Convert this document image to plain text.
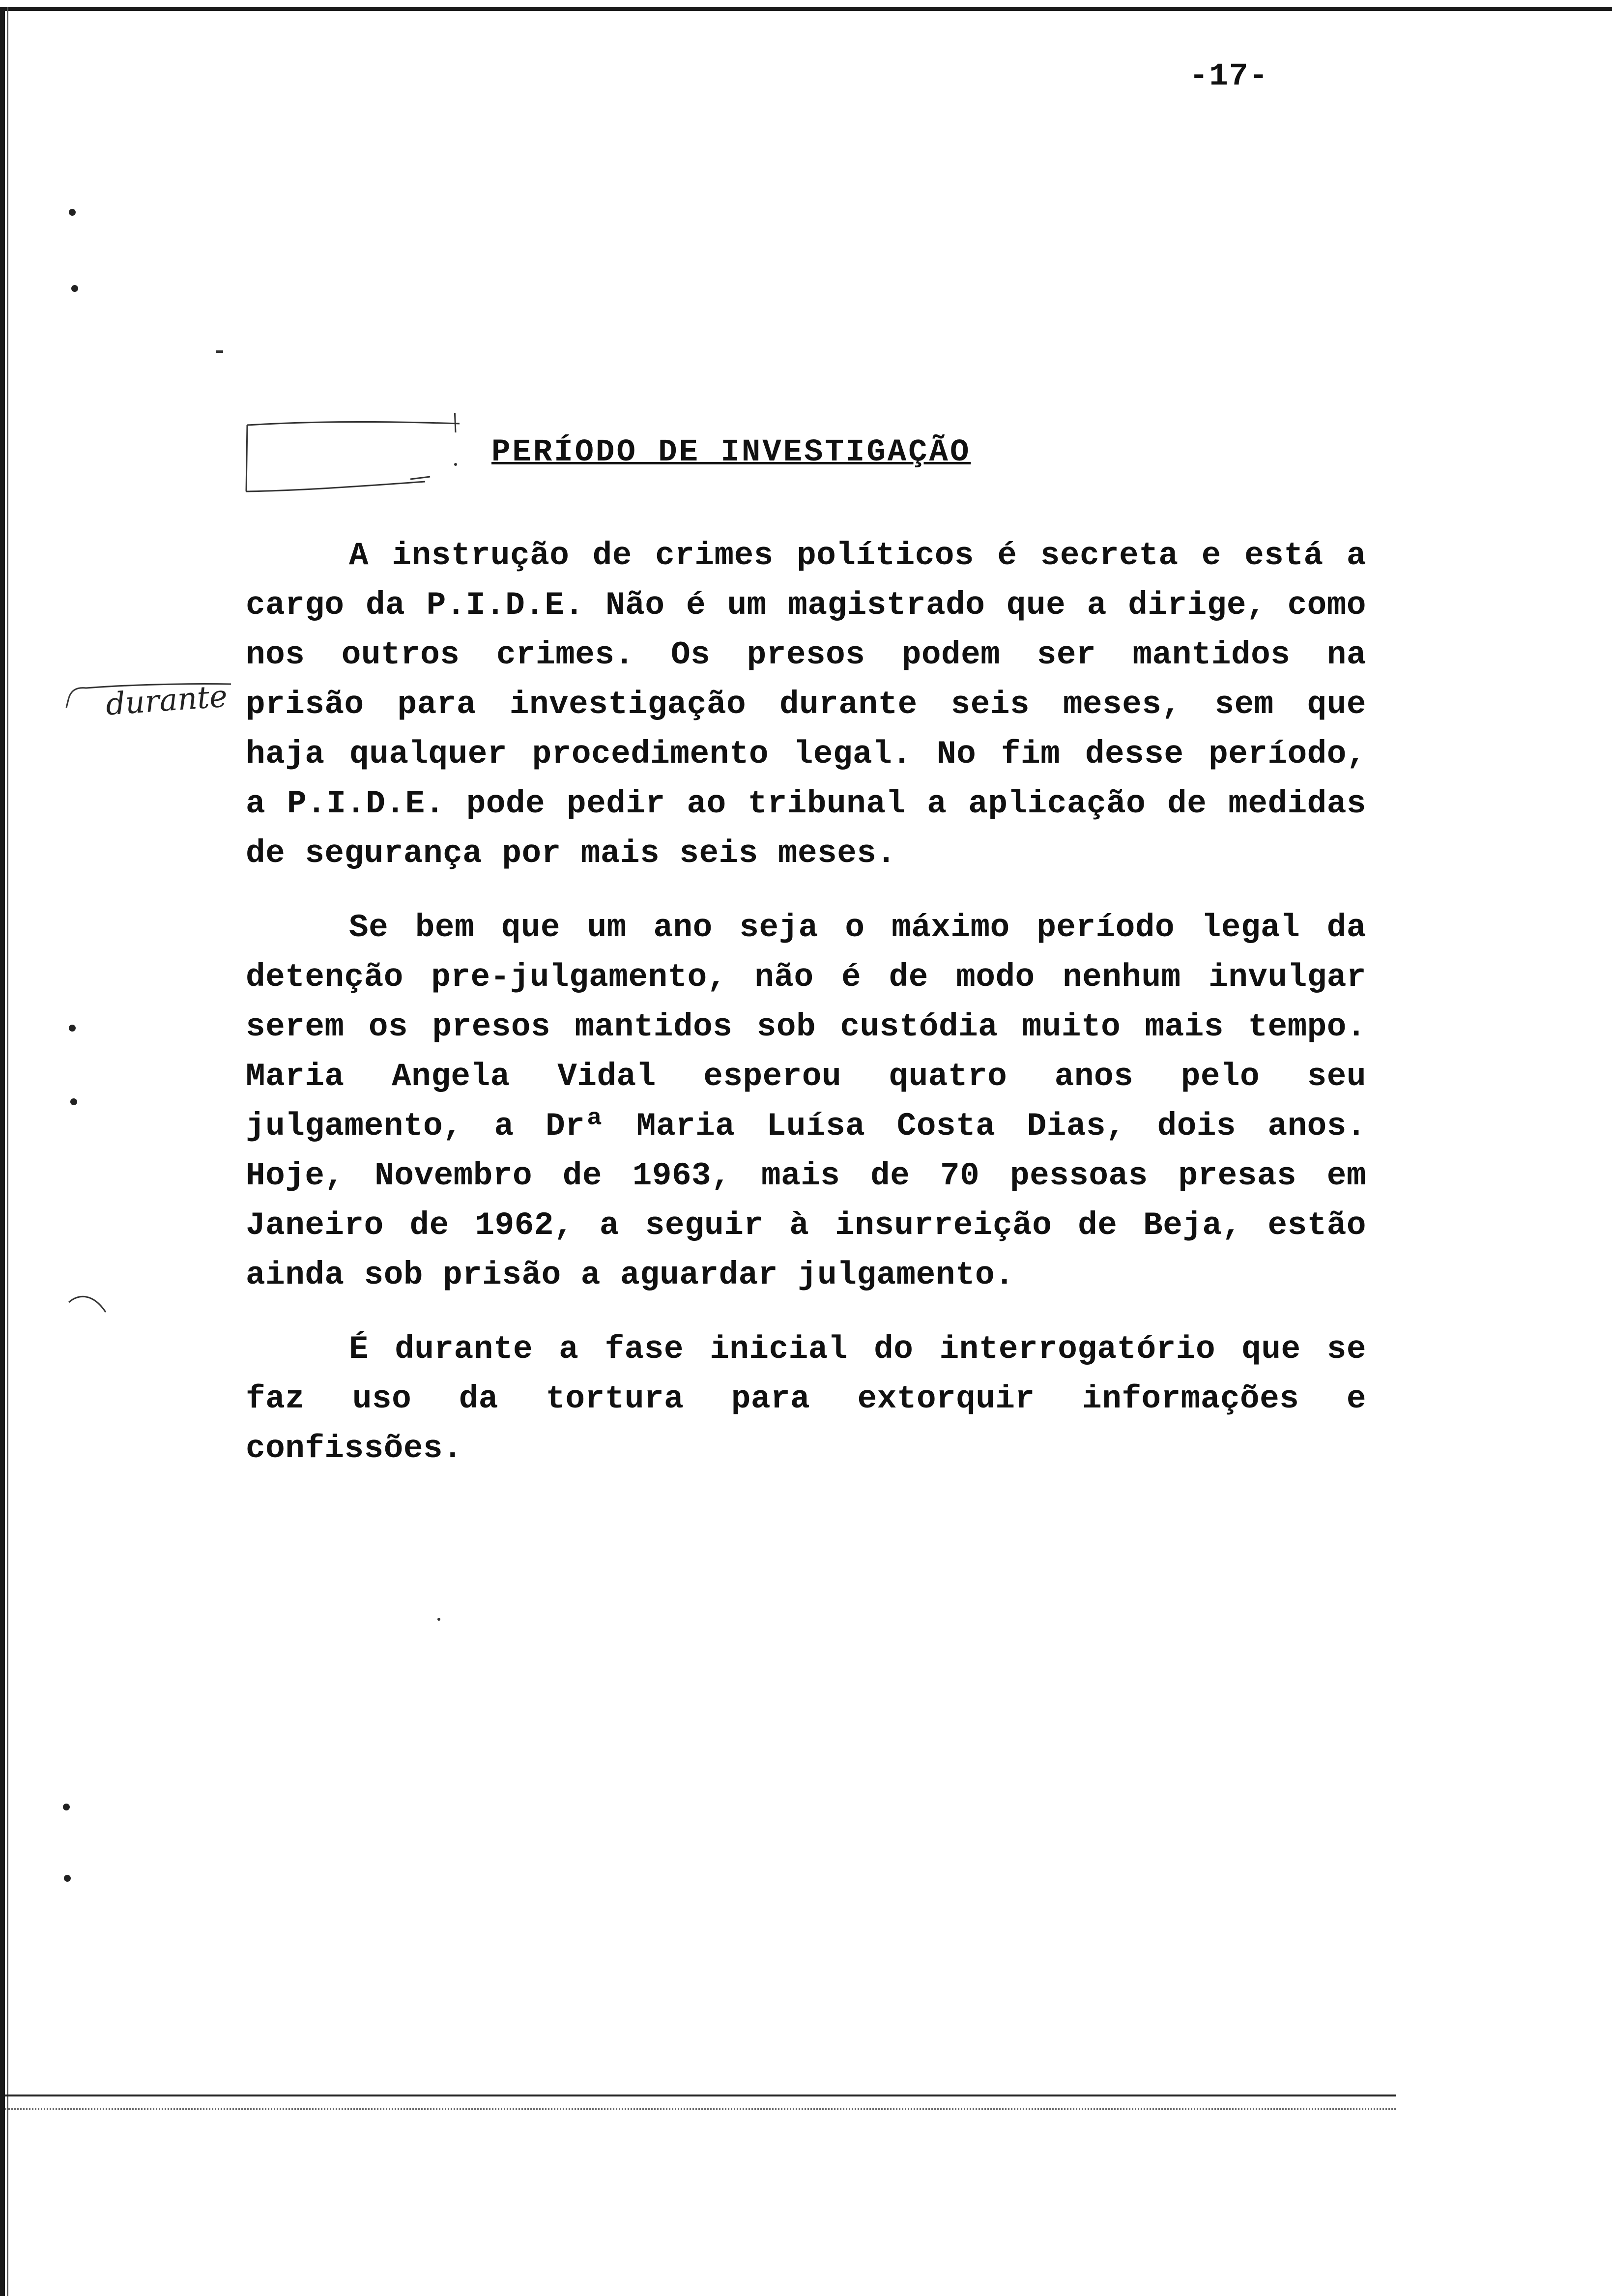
-17-
PERÍODO DE INVESTIGAÇÃO
durante

A instrução de crimes políticos é secreta e está a cargo da P.I.D.E. Não é um magistrado que a dirige, como nos outros crimes. Os presos podem ser mantidos na prisão para investigação durante seis meses, sem que haja qualquer procedimento legal. No fim desse período, a P.I.D.E. pode pedir ao tribunal a aplicação de medidas de segurança por mais seis meses.

Se bem que um ano seja o máximo período legal da detenção pre-julgamento, não é de modo nenhum invulgar serem os presos mantidos sob custódia muito mais tempo. Maria Angela Vidal esperou quatro anos pelo seu julgamento, a Drª Maria Luísa Costa Dias, dois anos. Hoje, Novembro de 1963, mais de 70 pessoas presas em Janeiro de 1962, a seguir à insurreição de Beja, estão ainda sob prisão a aguardar julgamento.

É durante a fase inicial do interrogatório que se faz uso da tortura para extorquir informações e confissões.
